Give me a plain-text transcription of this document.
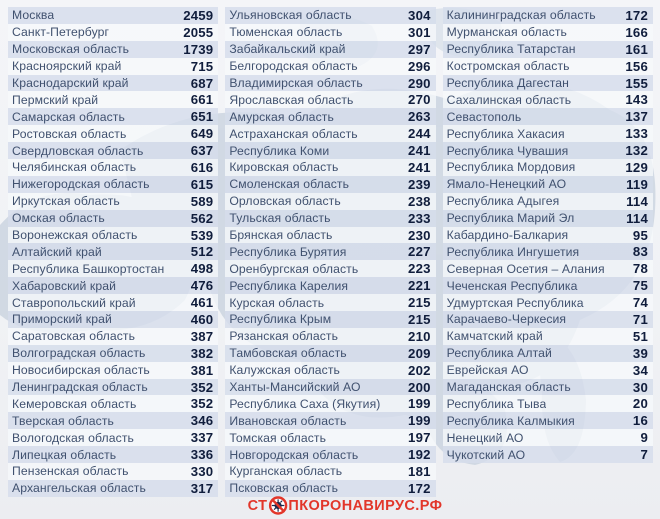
Москва	2459
Санкт-Петербург	2055
Московская область	1739
Красноярский край	715
Краснодарский край	687
Пермский край	661
Самарская область	651
Ростовская область	649
Свердловская область	637
Челябинская область	616
Нижегородская область	615
Иркутская область	589
Омская область	562
Воронежская область	539
Алтайский край	512
Республика Башкортостан 498
Хабаровский край	476
Ставропольский край	461
Приморский край	460
Саратовская область	387
Волгоградская область	382
Новосибирская область	381
Ленинградская область	352
Кемеровская область	352
Тверская область	346
Вологодская область	337
Липецкая область	336
Пензенская область	330
Архангельская область	317
Ульяновская область	304
Тюменская область	301
Забайкальский край	297
Белгородская область	296
Владимирская область	290
Ярославская область	270
Амурская область	263
Астраханская область	244
Республика Коми	241
Кировская область	241
Смоленская область	239
Орловская область	238
Тульская область	233
Брянская область	230
Республика Бурятия	227
Оренбургская область	223
Республика Карелия	221
Курская область	215
Республика Крым	215
Рязанская область	210
Тамбовская область	209
Калужская область	202
Ханты-Мансийский АО	200
Республика Саха (Якутия) 199
Ивановская область	199
Томская область	197
Новгородская область	192
Курганская область	181
Псковская область	172
Калининградская область 172
Мурманская область	166
Республика Татарстан	161
Костромская область	156
Республика Дагестан	155
Сахалинская область	143
Севастополь	137
Республика Хакасия	133
Республика Чувашия	132
Республика Мордовия	129
Ямало-Ненецкий АО	119
Республика Адыгея	114
Республика Марий Эл	114
Кабардино-Балкария	95
Республика Ингушетия	83
Северная Осетия – Алания 78
Чеченская Республика	75
Удмуртская Республика	74
Карачаево-Черкесия	71
Камчатский край	51
Республика Алтай	39
Еврейская АО	34
Магаданская область	30
Республика Тыва	20
Республика Калмыкия	16
Ненецкий АО	9
Чукотский АО	7
СТ ПКОРОНАВИРУС.РФ
